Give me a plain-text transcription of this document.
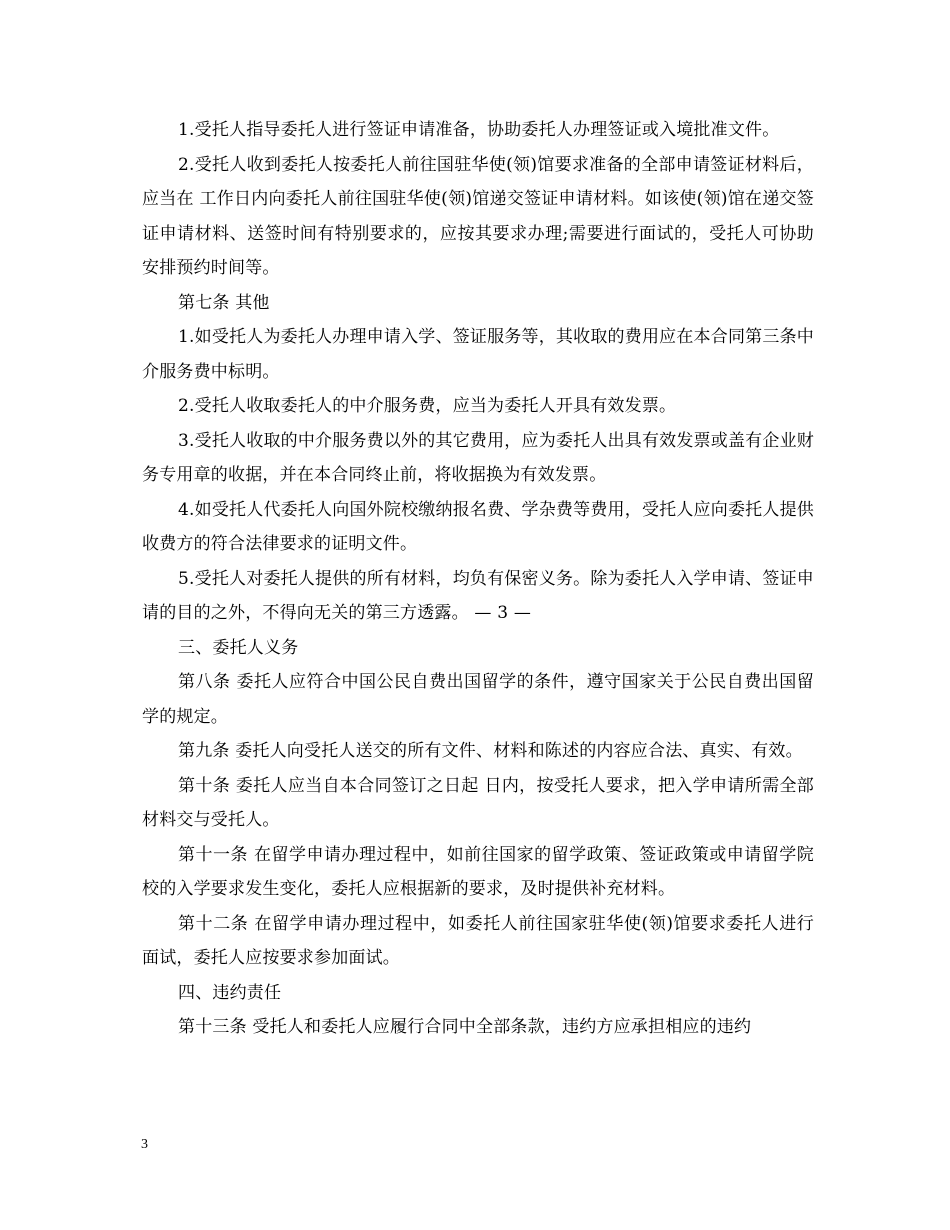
1.受托人指导委托人进行签证申请准备，协助委托人办理签证或入境批准文件。

2.受托人收到委托人按委托人前往国驻华使(领)馆要求准备的全部申请签证材料后，应当在 工作日内向委托人前往国驻华使(领)馆递交签证申请材料。如该使(领)馆在递交签证申请材料、送签时间有特别要求的，应按其要求办理;需要进行面试的，受托人可协助安排预约时间等。

第七条 其他

1.如受托人为委托人办理申请入学、签证服务等，其收取的费用应在本合同第三条中介服务费中标明。

2.受托人收取委托人的中介服务费，应当为委托人开具有效发票。

3.受托人收取的中介服务费以外的其它费用，应为委托人出具有效发票或盖有企业财务专用章的收据，并在本合同终止前，将收据换为有效发票。

4.如受托人代委托人向国外院校缴纳报名费、学杂费等费用，受托人应向委托人提供收费方的符合法律要求的证明文件。

5.受托人对委托人提供的所有材料，均负有保密义务。除为委托人入学申请、签证申请的目的之外，不得向无关的第三方透露。 — 3 —

三、委托人义务

第八条 委托人应符合中国公民自费出国留学的条件，遵守国家关于公民自费出国留学的规定。

第九条 委托人向受托人送交的所有文件、材料和陈述的内容应合法、真实、有效。

第十条 委托人应当自本合同签订之日起 日内，按受托人要求，把入学申请所需全部材料交与受托人。

第十一条 在留学申请办理过程中，如前往国家的留学政策、签证政策或申请留学院校的入学要求发生变化，委托人应根据新的要求，及时提供补充材料。

第十二条 在留学申请办理过程中，如委托人前往国家驻华使(领)馆要求委托人进行面试，委托人应按要求参加面试。

四、违约责任

第十三条 受托人和委托人应履行合同中全部条款，违约方应承担相应的违约

3
